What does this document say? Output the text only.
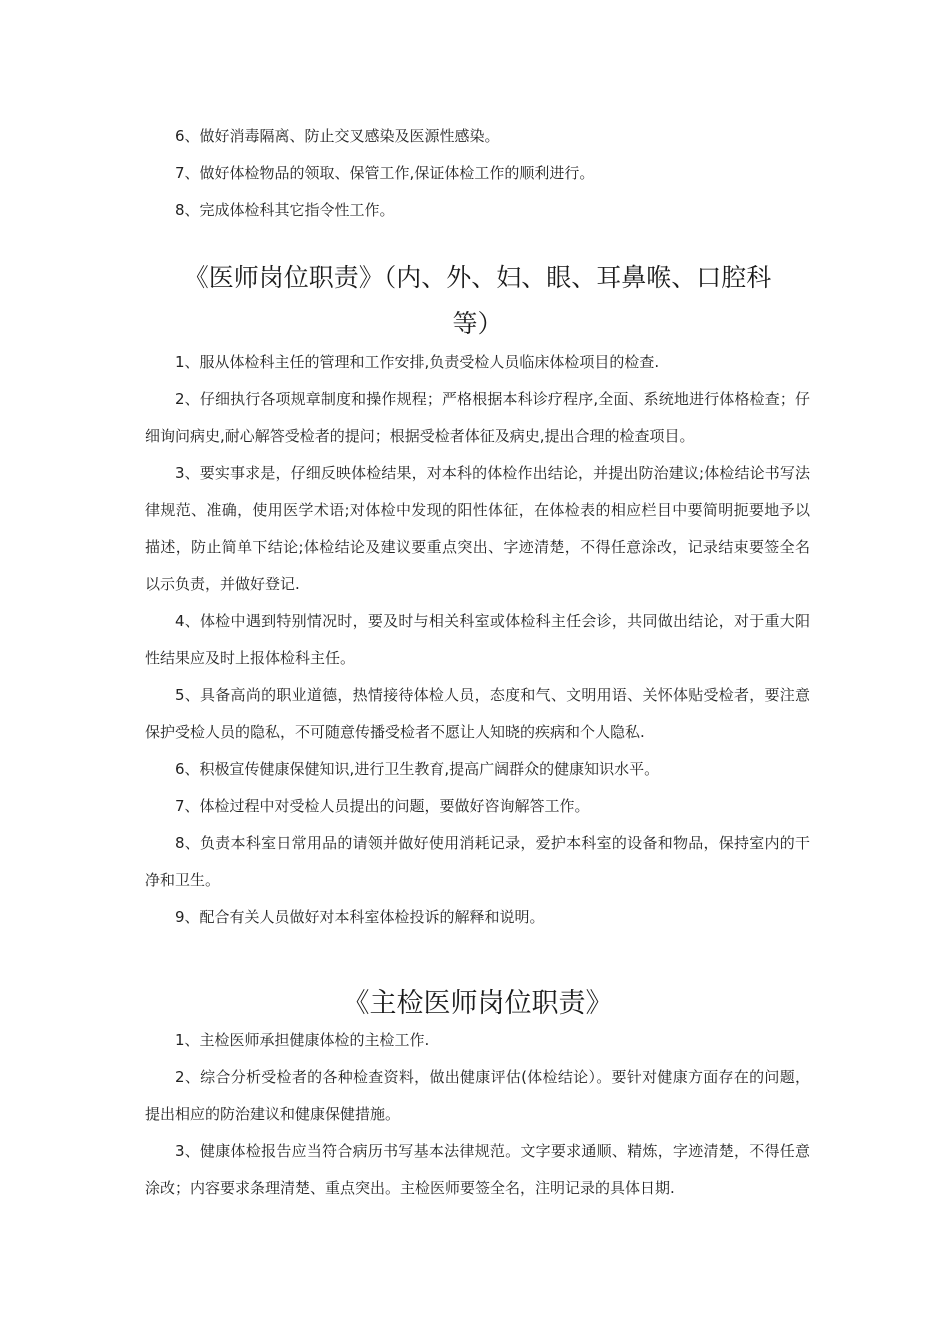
6、做好消毒隔离、防止交叉感染及医源性感染。

7、做好体检物品的领取、保管工作,保证体检工作的顺利进行。

8、完成体检科其它指令性工作。

《医师岗位职责》（内、外、妇、眼、耳鼻喉、口腔科
等）

1、服从体检科主任的管理和工作安排,负责受检人员临床体检项目的检查.

2、仔细执行各项规章制度和操作规程；严格根据本科诊疗程序,全面、系统地进行体格检查；仔细询问病史,耐心解答受检者的提问；根据受检者体征及病史,提出合理的检查项目。

3、要实事求是，仔细反映体检结果，对本科的体检作出结论，并提出防治建议;体检结论书写法律规范、准确，使用医学术语;对体检中发现的阳性体征，在体检表的相应栏目中要简明扼要地予以描述，防止简单下结论;体检结论及建议要重点突出、字迹清楚，不得任意涂改，记录结束要签全名以示负责，并做好登记.

4、体检中遇到特别情况时，要及时与相关科室或体检科主任会诊，共同做出结论，对于重大阳性结果应及时上报体检科主任。

5、具备高尚的职业道德，热情接待体检人员，态度和气、文明用语、关怀体贴受检者，要注意保护受检人员的隐私，不可随意传播受检者不愿让人知晓的疾病和个人隐私.

6、积极宣传健康保健知识,进行卫生教育,提高广阔群众的健康知识水平。

7、体检过程中对受检人员提出的问题，要做好咨询解答工作。

8、负责本科室日常用品的请领并做好使用消耗记录，爱护本科室的设备和物品，保持室内的干净和卫生。

9、配合有关人员做好对本科室体检投诉的解释和说明。

《主检医师岗位职责》

1、主检医师承担健康体检的主检工作.

2、综合分析受检者的各种检查资料，做出健康评估(体检结论）。要针对健康方面存在的问题，提出相应的防治建议和健康保健措施。

3、健康体检报告应当符合病历书写基本法律规范。文字要求通顺、精炼，字迹清楚，不得任意涂改；内容要求条理清楚、重点突出。主检医师要签全名，注明记录的具体日期.
